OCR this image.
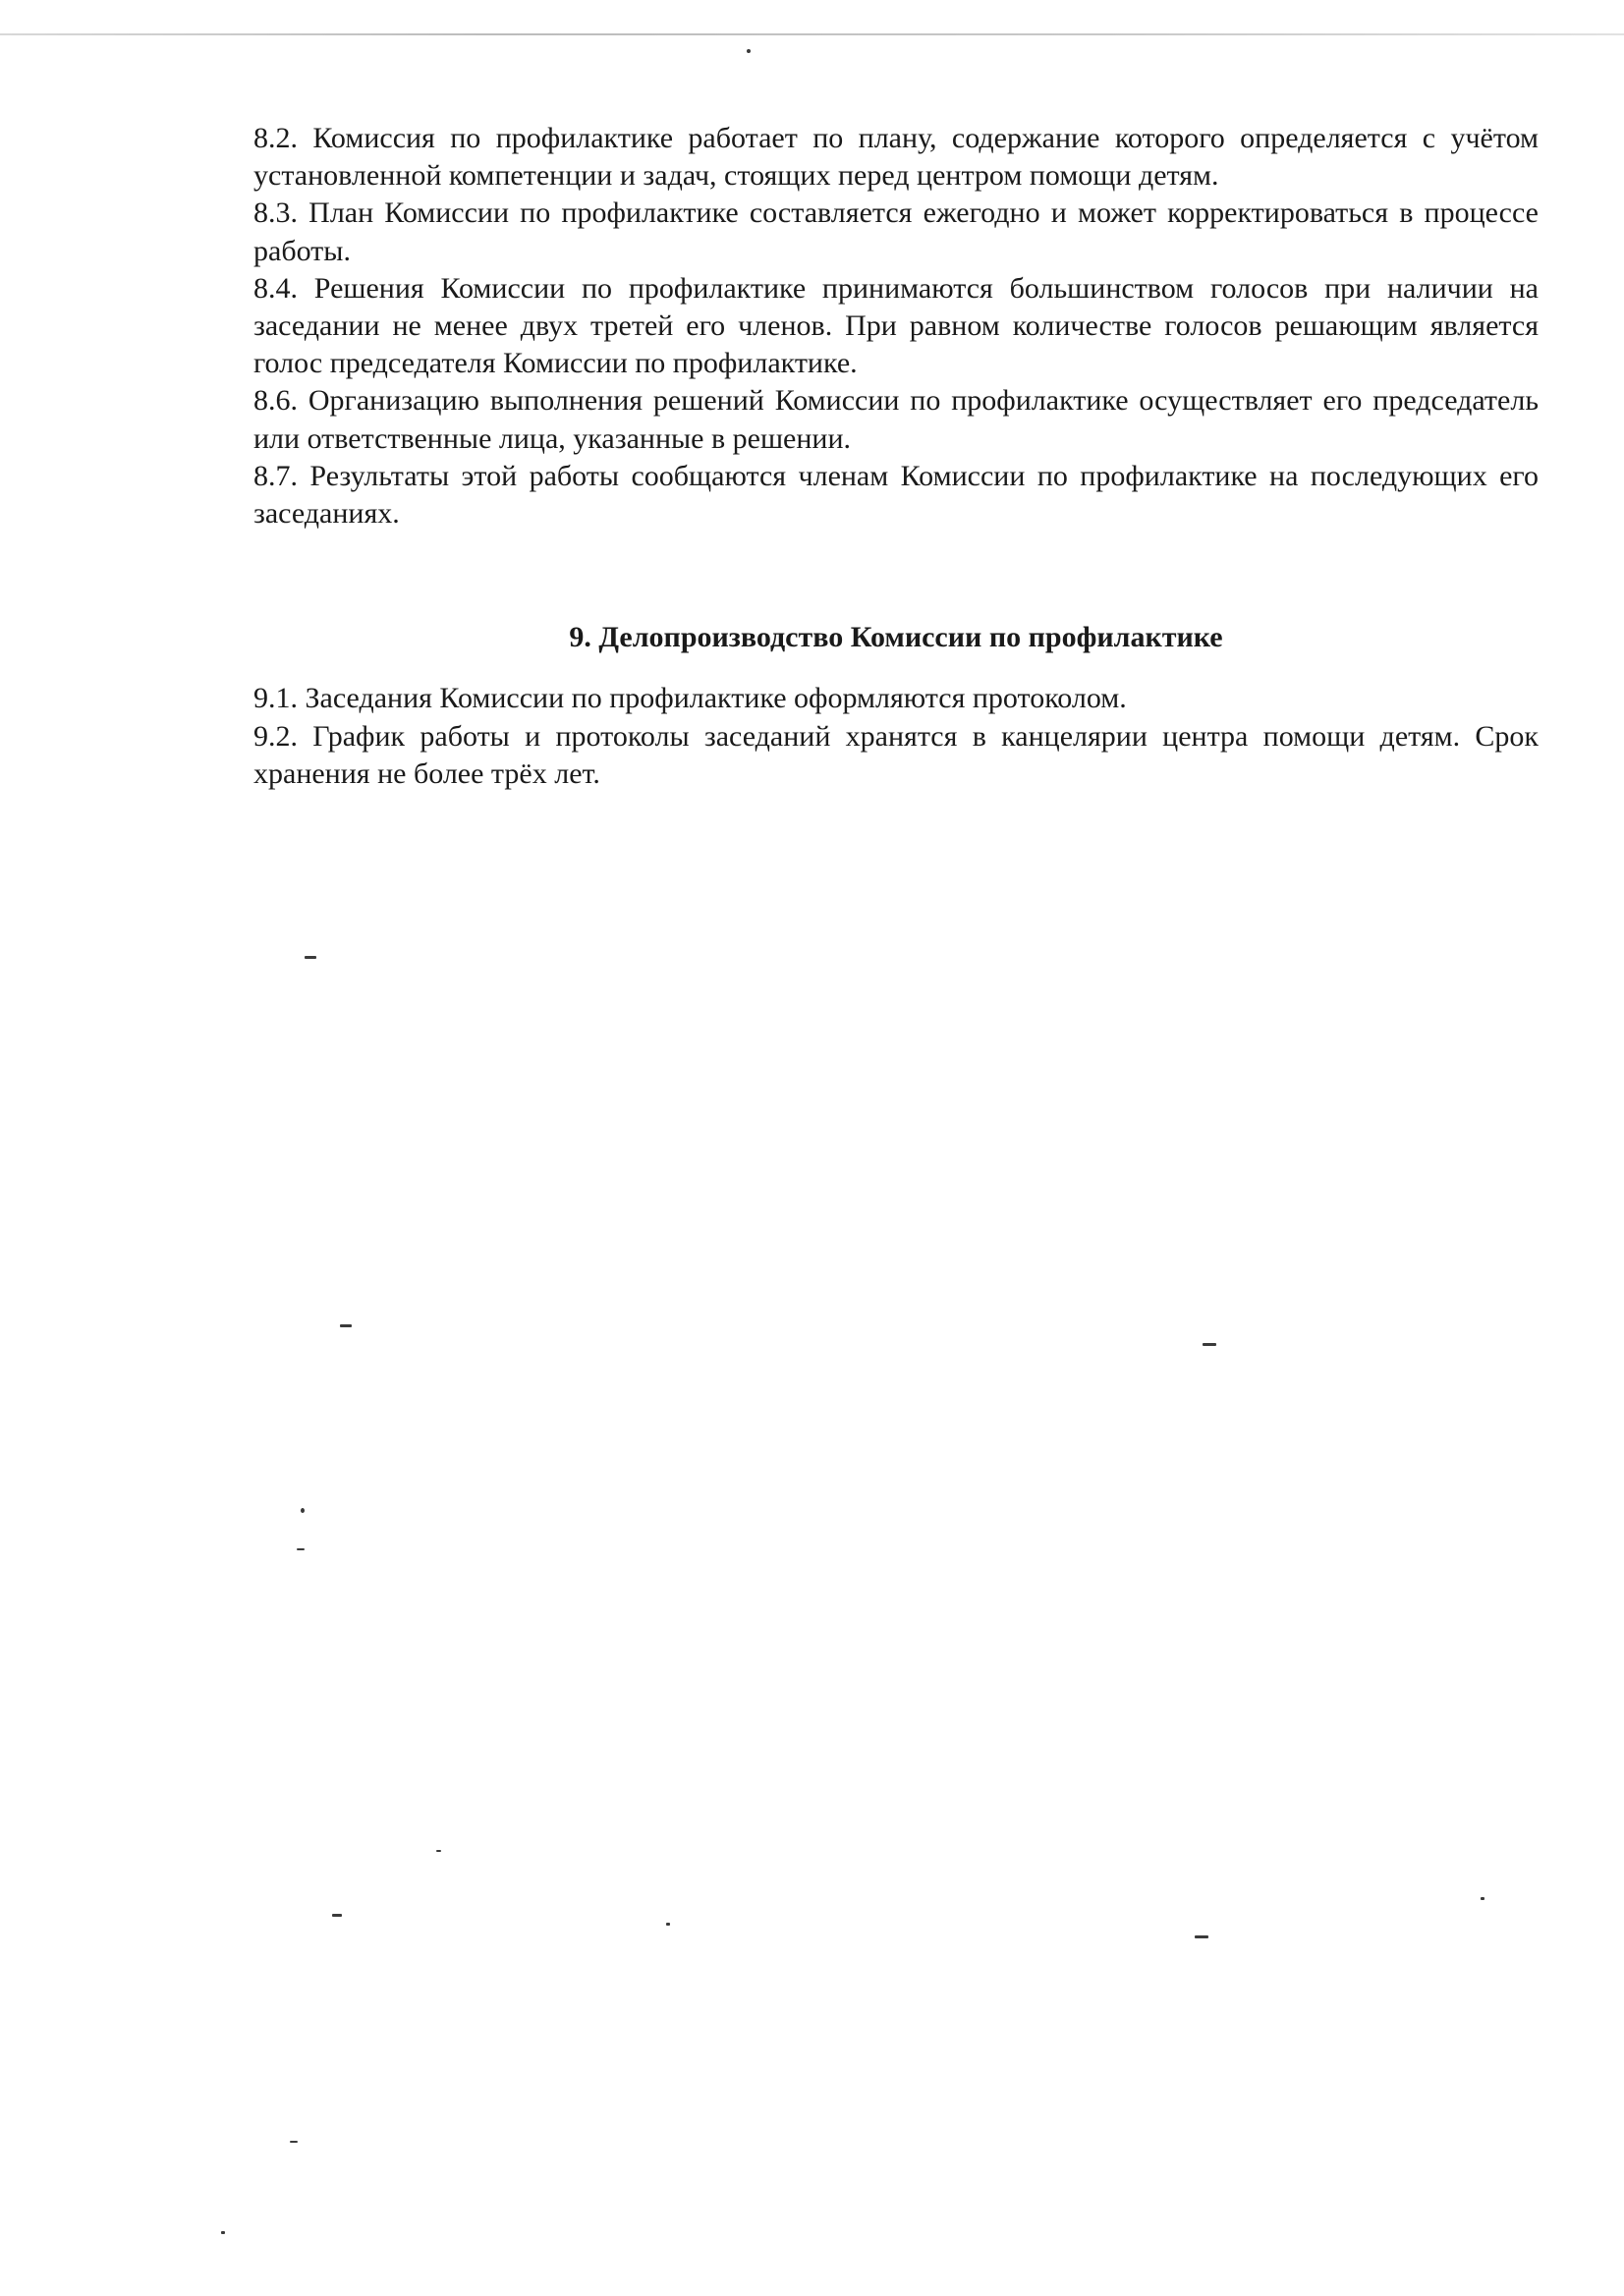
8.2. Комиссия по профилактике работает по плану, содержание которого определяется с учётом установленной компетенции и задач, стоящих перед центром помощи детям.

8.3. План Комиссии по профилактике составляется ежегодно и может корректироваться в процессе работы.

8.4. Решения Комиссии по профилактике принимаются большинством голосов при наличии на заседании не менее двух третей его членов. При равном количестве голосов решающим является голос председателя Комиссии по профилактике.

8.6. Организацию выполнения решений Комиссии по профилактике осуществляет его председатель или ответственные лица, указанные в решении.

8.7. Результаты этой работы сообщаются членам Комиссии по профилактике на последующих его заседаниях.

9. Делопроизводство Комиссии по профилактике

9.1. Заседания Комиссии по профилактике оформляются протоколом.

9.2. График работы и протоколы заседаний хранятся в канцелярии центра помощи детям. Срок хранения не более трёх лет.
